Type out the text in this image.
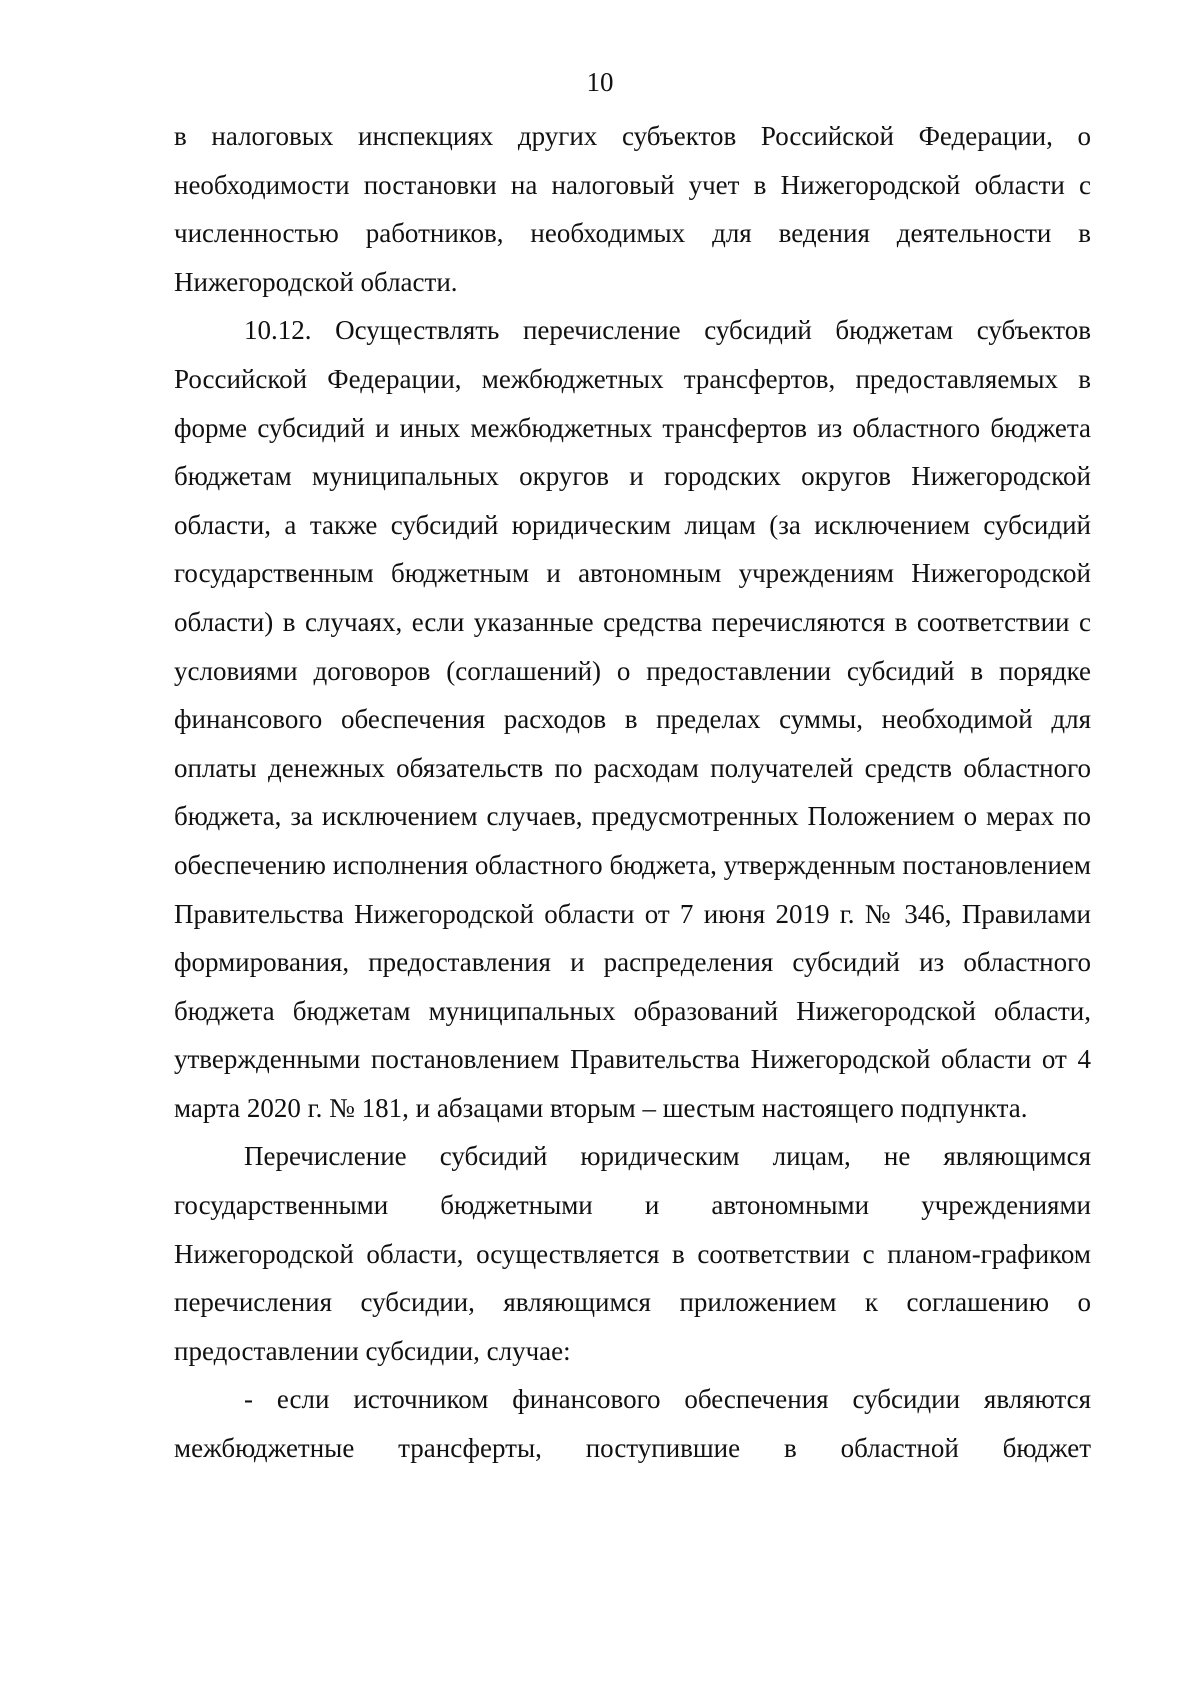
10

в налоговых инспекциях других субъектов Российской Федерации, о необходимости постановки на налоговый учет в Нижегородской области с численностью работников, необходимых для ведения деятельности в Нижегородской области.

10.12. Осуществлять перечисление субсидий бюджетам субъектов Российской Федерации, межбюджетных трансфертов, предоставляемых в форме субсидий и иных межбюджетных трансфертов из областного бюджета бюджетам муниципальных округов и городских округов Нижегородской области, а также субсидий юридическим лицам (за исключением субсидий государственным бюджетным и автономным учреждениям Нижегородской области) в случаях, если указанные средства перечисляются в соответствии с условиями договоров (соглашений) о предоставлении субсидий в порядке финансового обеспечения расходов в пределах суммы, необходимой для оплаты денежных обязательств по расходам получателей средств областного бюджета, за исключением случаев, предусмотренных Положением о мерах по обеспечению исполнения областного бюджета, утвержденным постановлением Правительства Нижегородской области от 7 июня 2019 г. № 346, Правилами формирования, предоставления и распределения субсидий из областного бюджета бюджетам муниципальных образований Нижегородской области, утвержденными постановлением Правительства Нижегородской области от 4 марта 2020 г. № 181, и абзацами вторым – шестым настоящего подпункта.

Перечисление субсидий юридическим лицам, не являющимся государственными бюджетными и автономными учреждениями Нижегородской области, осуществляется в соответствии с планом-графиком перечисления субсидии, являющимся приложением к соглашению о предоставлении субсидии, случае:

- если источником финансового обеспечения субсидии являются межбюджетные трансферты, поступившие в областной бюджет
